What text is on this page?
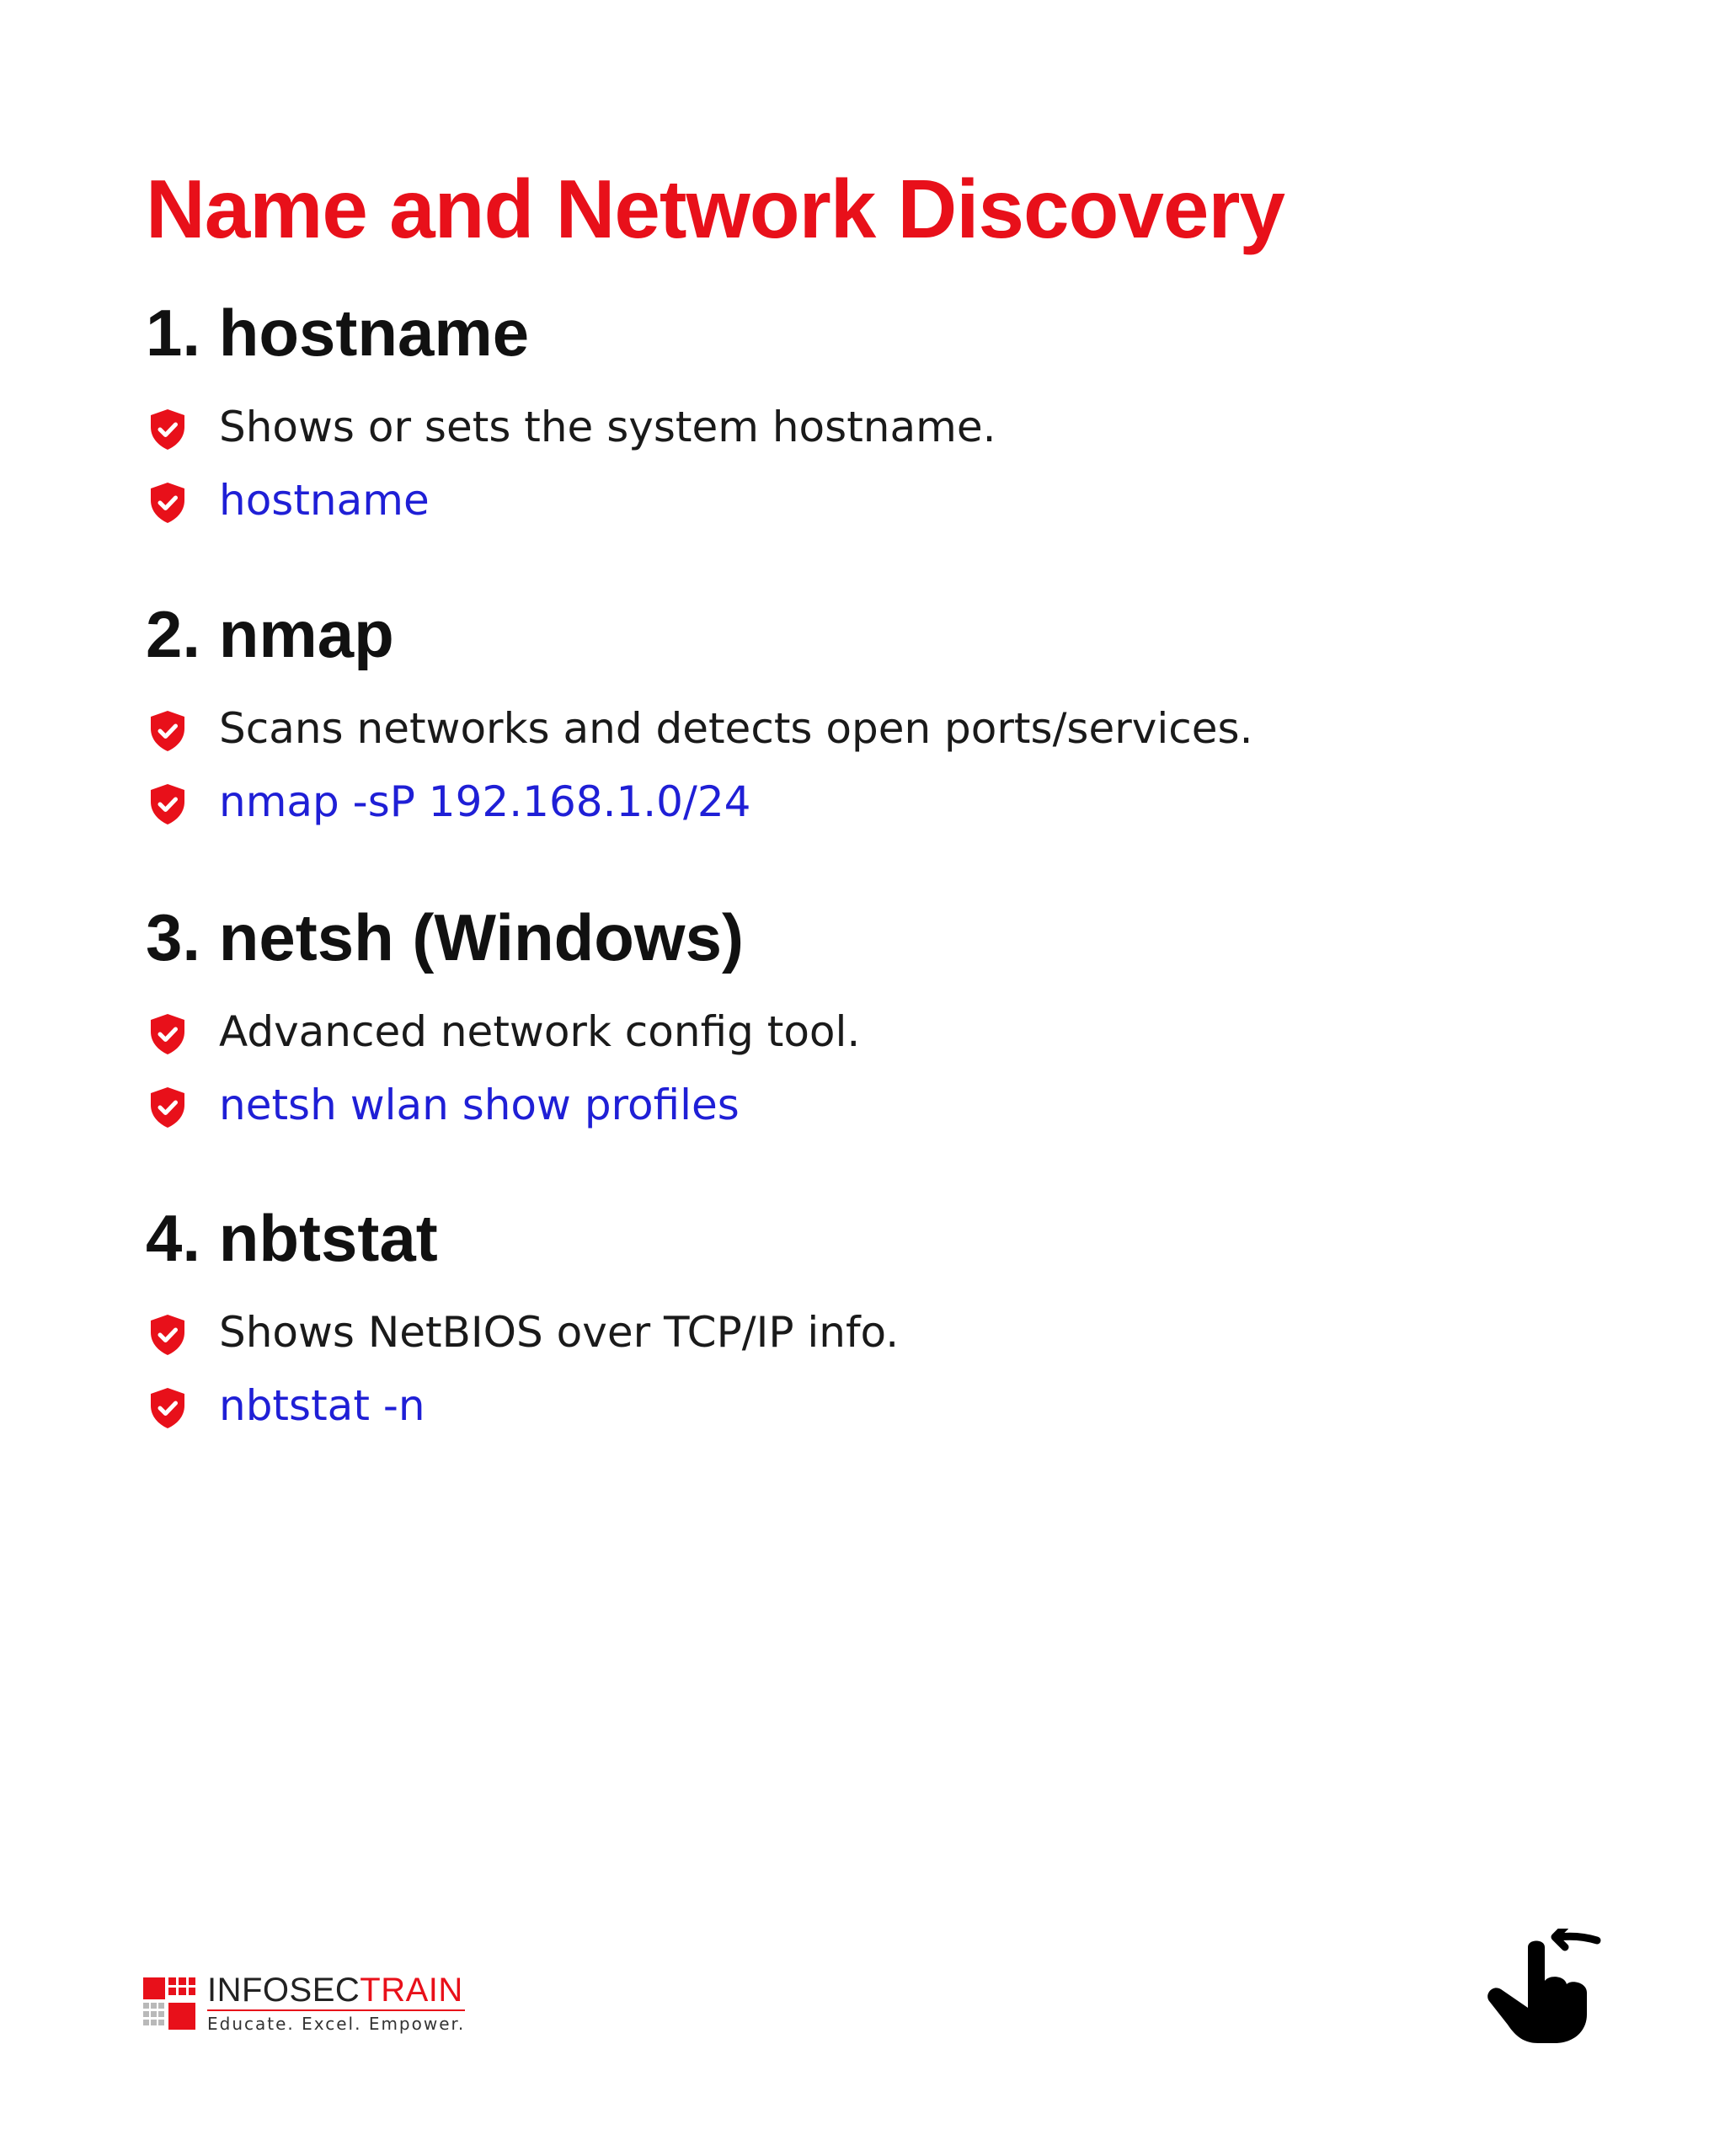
Name and Network Discovery
1. hostname
Shows or sets the system hostname.
hostname
2. nmap
Scans networks and detects open ports/services.
nmap -sP 192.168.1.0/24
3. netsh (Windows)
Advanced network config tool.
netsh wlan show profiles
4. nbtstat
Shows NetBIOS over TCP/IP info.
nbtstat -n
INFOSECTRAIN
Educate. Excel. Empower.
